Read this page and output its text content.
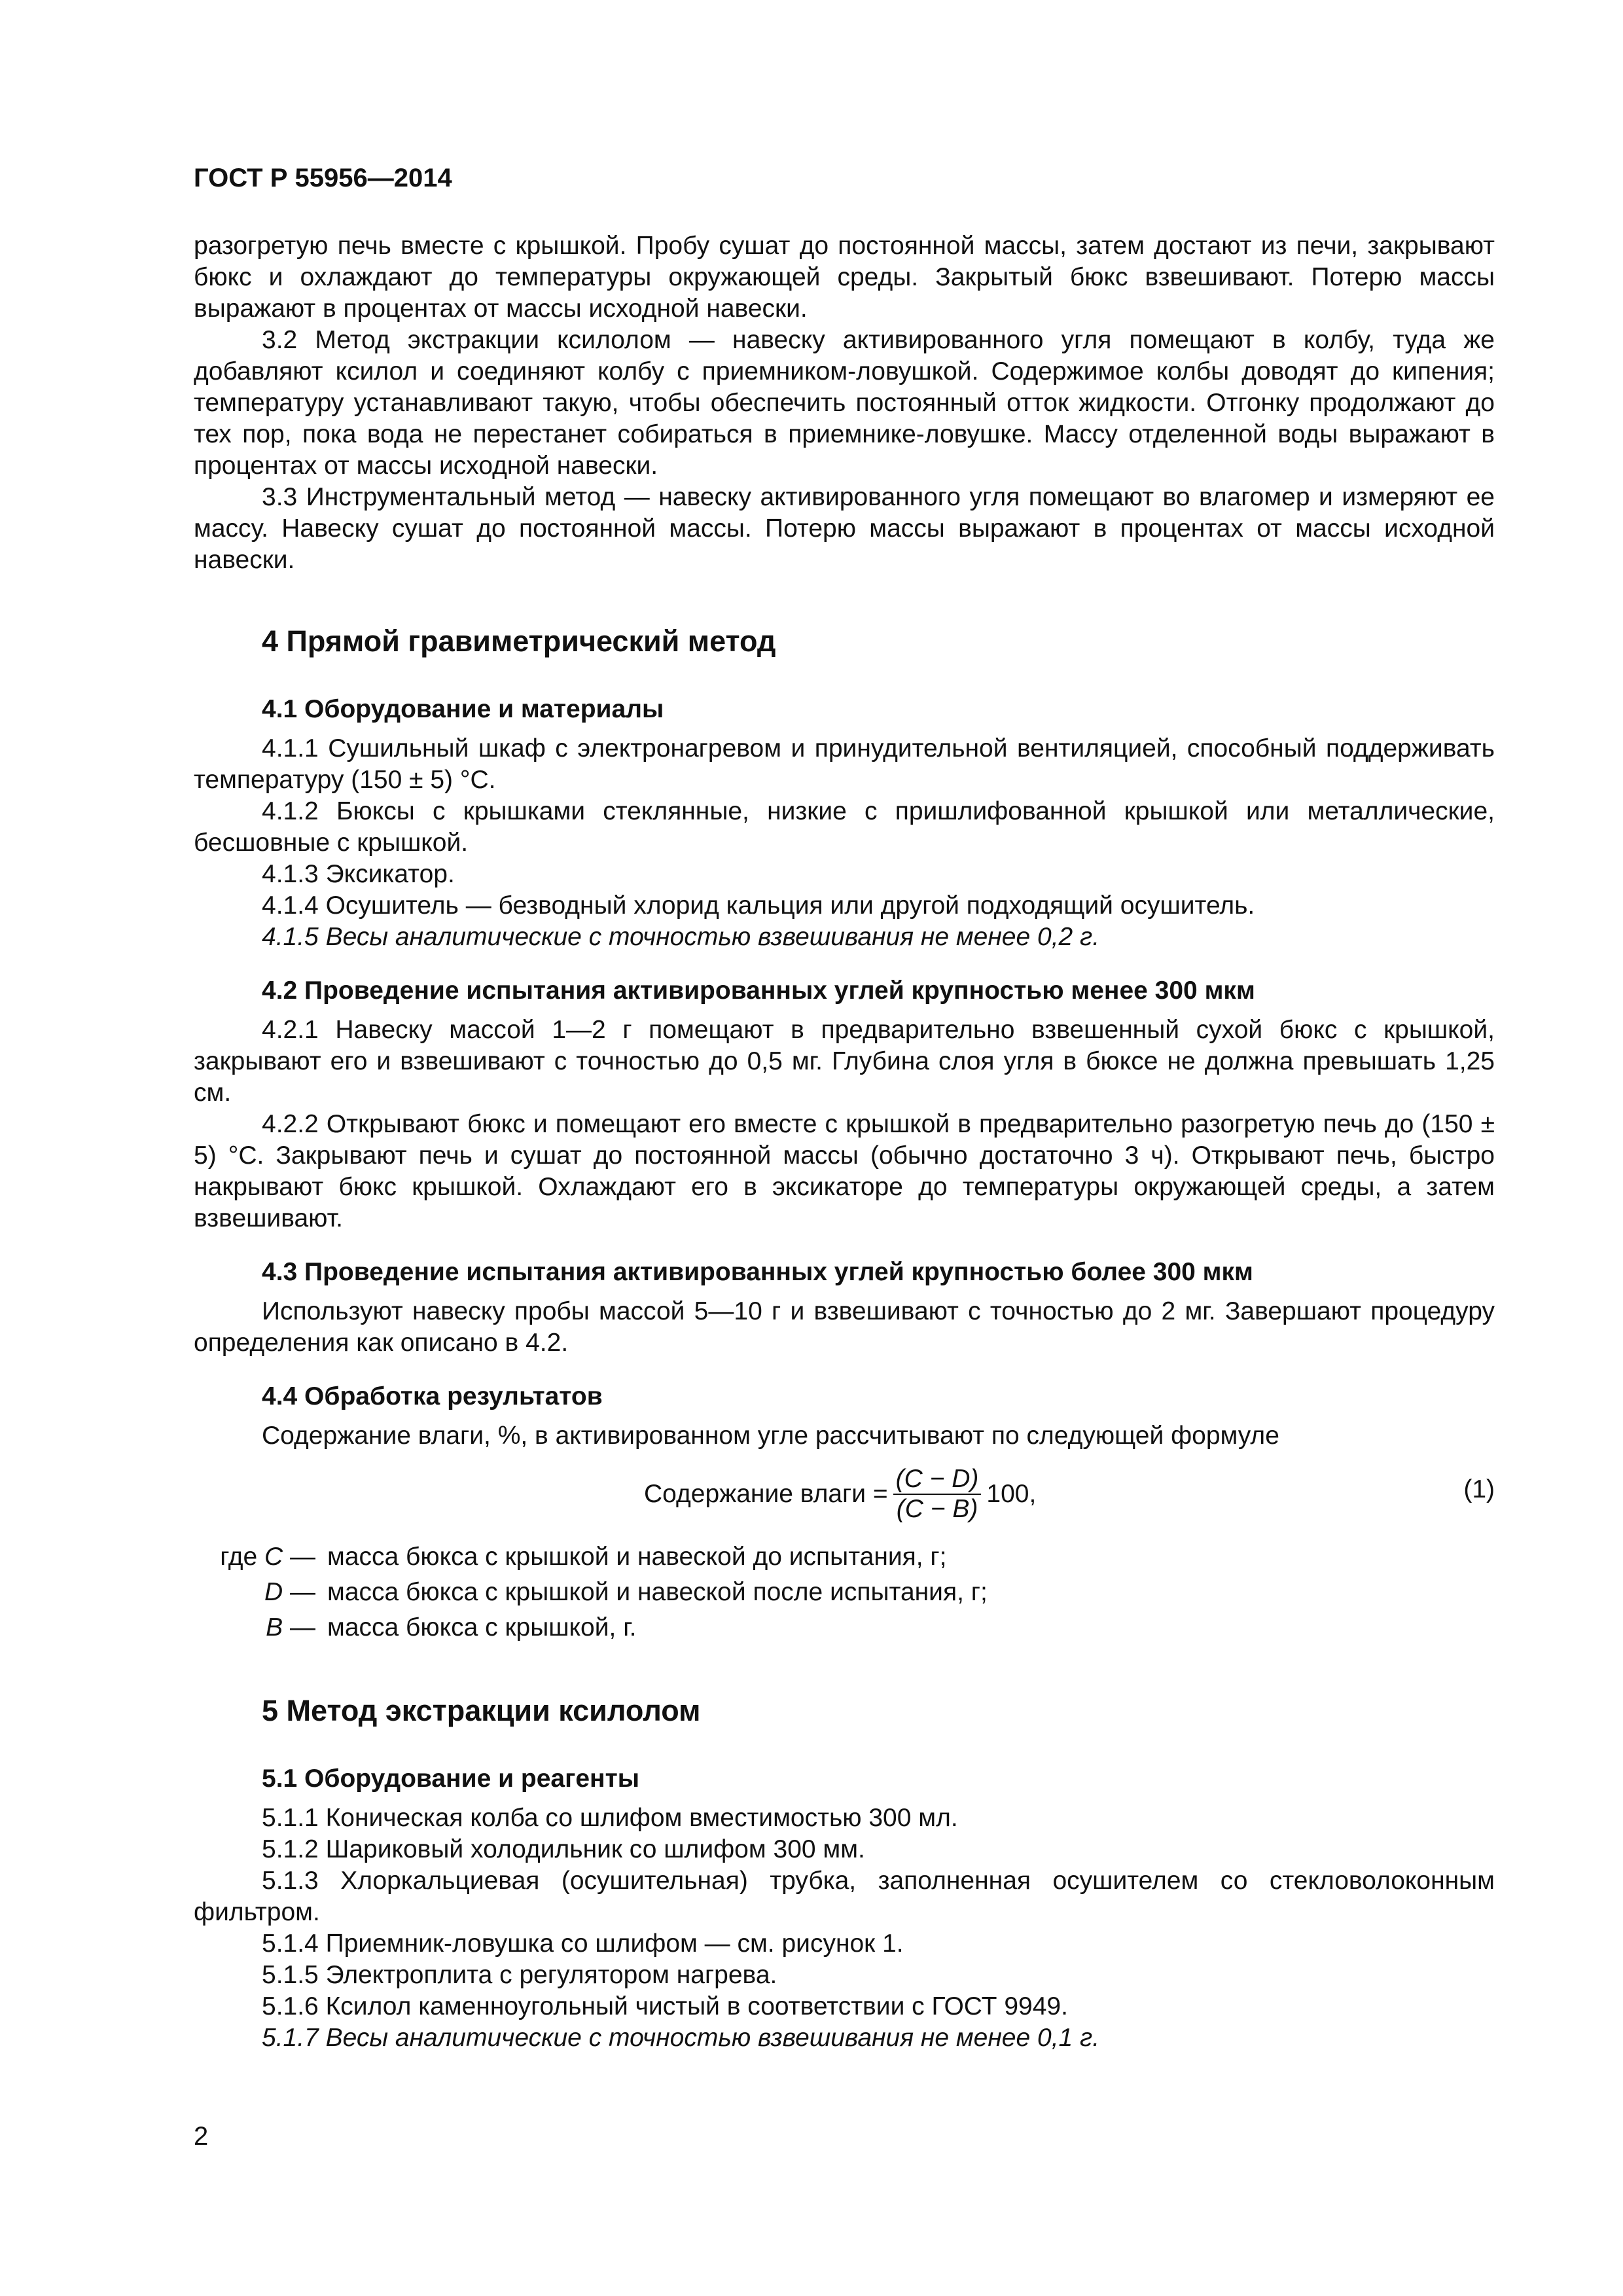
ГОСТ Р 55956—2014

разогретую печь вместе с крышкой. Пробу сушат до постоянной массы, затем достают из печи, закрывают бюкс и охлаждают до температуры окружающей среды. Закрытый бюкс взвешивают. Потерю массы выражают в процентах от массы исходной навески.

3.2 Метод экстракции ксилолом — навеску активированного угля помещают в колбу, туда же добавляют ксилол и соединяют колбу с приемником-ловушкой. Содержимое колбы доводят до кипения; температуру устанавливают такую, чтобы обеспечить постоянный отток жидкости. Отгонку продолжают до тех пор, пока вода не перестанет собираться в приемнике-ловушке. Массу отделенной воды выражают в процентах от массы исходной навески.

3.3 Инструментальный метод — навеску активированного угля помещают во влагомер и измеряют ее массу. Навеску сушат до постоянной массы. Потерю массы выражают в процентах от массы исходной навески.

4 Прямой гравиметрический метод
4.1 Оборудование и материалы

4.1.1 Сушильный шкаф с электронагревом и принудительной вентиляцией, способный поддерживать температуру (150 ± 5) °С.

4.1.2 Бюксы с крышками стеклянные, низкие с пришлифованной крышкой или металлические, бесшовные с крышкой.

4.1.3 Эксикатор.

4.1.4 Осушитель — безводный хлорид кальция или другой подходящий осушитель.

4.1.5 Весы аналитические с точностью взвешивания не менее 0,2 г.

4.2 Проведение испытания активированных углей крупностью менее 300 мкм

4.2.1 Навеску массой 1—2 г помещают в предварительно взвешенный сухой бюкс с крышкой, закрывают его и взвешивают с точностью до 0,5 мг. Глубина слоя угля в бюксе не должна превышать 1,25 см.

4.2.2 Открывают бюкс и помещают его вместе с крышкой в предварительно разогретую печь до (150 ± 5) °С. Закрывают печь и сушат до постоянной массы (обычно достаточно 3 ч). Открывают печь, быстро накрывают бюкс крышкой. Охлаждают его в эксикаторе до температуры окружающей среды, а затем взвешивают.

4.3 Проведение испытания активированных углей крупностью более 300 мкм

Используют навеску пробы массой 5—10 г и взвешивают с точностью до 2 мг. Завершают процедуру определения как описано в 4.2.

4.4 Обработка результатов

Содержание влаги, %, в активированном угле рассчитывают по следующей формуле

Содержание влаги = $\frac{(C - D)}{(C - B)} 100$,	(1)
где C — масса бюкса с крышкой и навеской до испытания, г;
D — масса бюкса с крышкой и навеской после испытания, г;
B — масса бюкса с крышкой, г.
5 Метод экстракции ксилолом
5.1 Оборудование и реагенты

5.1.1 Коническая колба со шлифом вместимостью 300 мл.

5.1.2 Шариковый холодильник со шлифом 300 мм.

5.1.3 Хлоркальциевая (осушительная) трубка, заполненная осушителем со стекловолоконным фильтром.

5.1.4 Приемник-ловушка со шлифом — см. рисунок 1.

5.1.5 Электроплита с регулятором нагрева.

5.1.6 Ксилол каменноугольный чистый в соответствии с ГОСТ 9949.

5.1.7 Весы аналитические с точностью взвешивания не менее 0,1 г.

2
